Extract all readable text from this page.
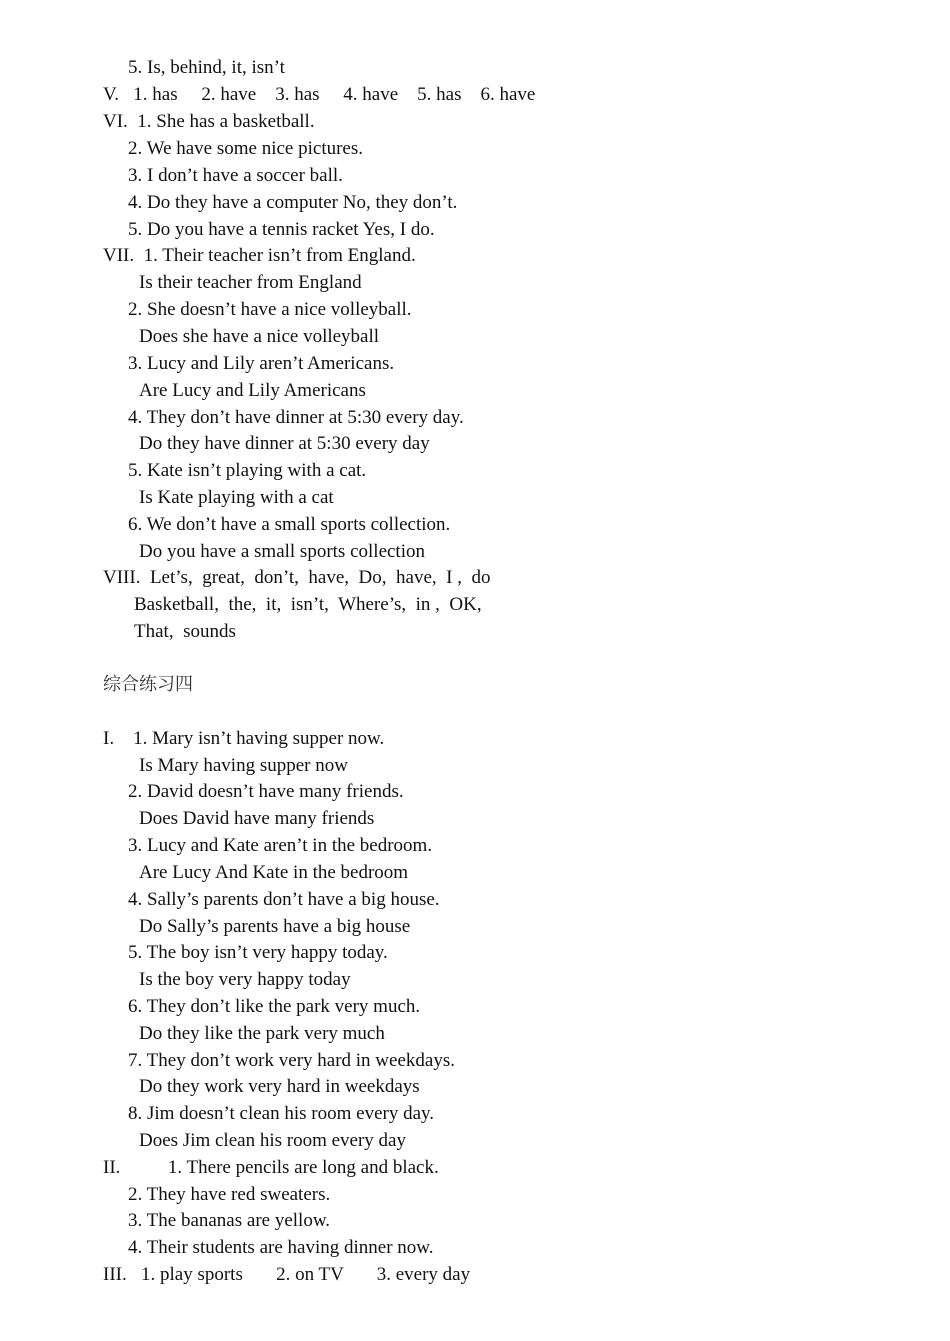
5. Is, behind, it, isn’t
V.   1. has     2. have    3. has     4. have    5. has    6. have
VI.  1. She has a basketball.
2. We have some nice pictures.
3. I don’t have a soccer ball.
4. Do they have a computer No, they don’t.
5. Do you have a tennis racket Yes, I do.
VII.  1. Their teacher isn’t from England.
Is their teacher from England
2. She doesn’t have a nice volleyball.
Does she have a nice volleyball
3. Lucy and Lily aren’t Americans.
Are Lucy and Lily Americans
4. They don’t have dinner at 5:30 every day.
Do they have dinner at 5:30 every day
5. Kate isn’t playing with a cat.
Is Kate playing with a cat
6. We don’t have a small sports collection.
Do you have a small sports collection
VIII.  Let’s,  great,  don’t,  have,  Do,  have,  I ,  do
Basketball,  the,  it,  isn’t,  Where’s,  in ,  OK,
That,  sounds
综合练习四
I.    1. Mary isn’t having supper now.
Is Mary having supper now
2. David doesn’t have many friends.
Does David have many friends
3. Lucy and Kate aren’t in the bedroom.
Are Lucy And Kate in the bedroom
4. Sally’s parents don’t have a big house.
Do Sally’s parents have a big house
5. The boy isn’t very happy today.
Is the boy very happy today
6. They don’t like the park very much.
Do they like the park very much
7. They don’t work very hard in weekdays.
Do they work very hard in weekdays
8. Jim doesn’t clean his room every day.
Does Jim clean his room every day
II.          1. There pencils are long and black.
2. They have red sweaters.
3. The bananas are yellow.
4. Their students are having dinner now.
III.   1. play sports       2. on TV       3. every day
